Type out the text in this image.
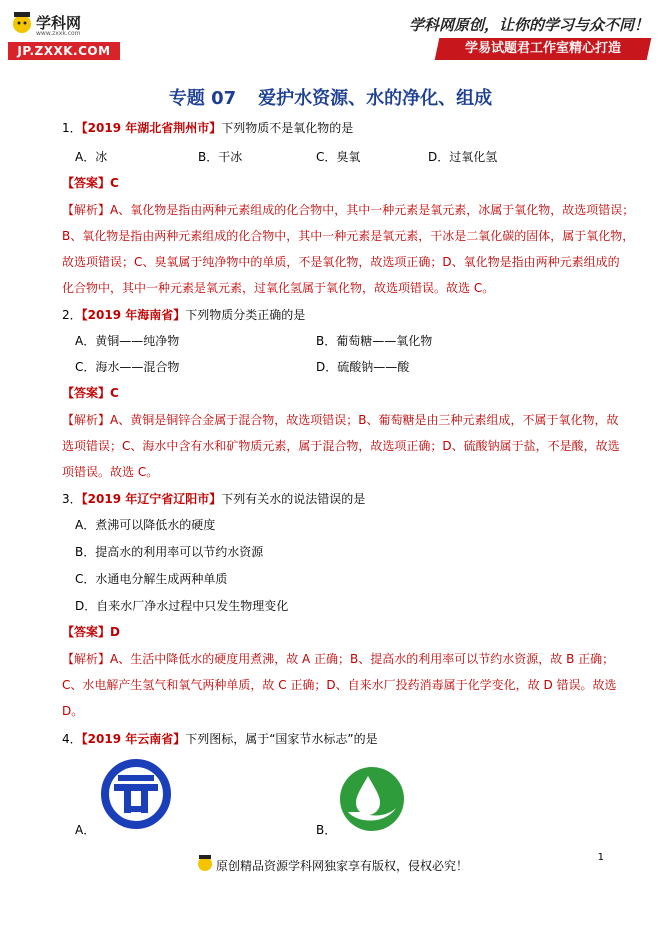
学科网
www.zxxk.com
JP.ZXXK.COM
学科网原创，让你的学习与众不同！
学易试题君工作室精心打造
专题 07 爱护水资源、水的净化、组成
1．【2019 年湖北省荆州市】下列物质不是氧化物的是
A．冰	B．干冰	C．臭氧	D．过氧化氢
【答案】C
【解析】A、氧化物是指由两种元素组成的化合物中，其中一种元素是氧元素，冰属于氧化物，故选项错误；
B、氧化物是指由两种元素组成的化合物中，其中一种元素是氧元素，干冰是二氧化碳的固体，属于氧化物，
故选项错误；C、臭氧属于纯净物中的单质，不是氧化物，故选项正确；D、氧化物是指由两种元素组成的
化合物中，其中一种元素是氧元素，过氧化氢属于氧化物，故选项错误。故选 C。
2．【2019 年海南省】下列物质分类正确的是
A．黄铜——纯净物	B．葡萄糖——氧化物
C．海水——混合物	D．硫酸钠——酸
【答案】C
【解析】A、黄铜是铜锌合金属于混合物，故选项错误；B、葡萄糖是由三种元素组成，不属于氧化物，故
选项错误；C、海水中含有水和矿物质元素，属于混合物，故选项正确；D、硫酸钠属于盐，不是酸，故选
项错误。故选 C。
3．【2019 年辽宁省辽阳市】下列有关水的说法错误的是
A．煮沸可以降低水的硬度
B．提高水的利用率可以节约水资源
C．水通电分解生成两种单质
D．自来水厂净水过程中只发生物理变化
【答案】D
【解析】A、生活中降低水的硬度用煮沸，故 A 正确；B、提高水的利用率可以节约水资源，故 B 正确；
C、水电解产生氢气和氧气两种单质，故 C 正确；D、自来水厂投药消毒属于化学变化，故 D 错误。故选
D。
4．【2019 年云南省】下列图标，属于“国家节水标志”的是
A．	B．
1
原创精品资源学科网独家享有版权，侵权必究！
